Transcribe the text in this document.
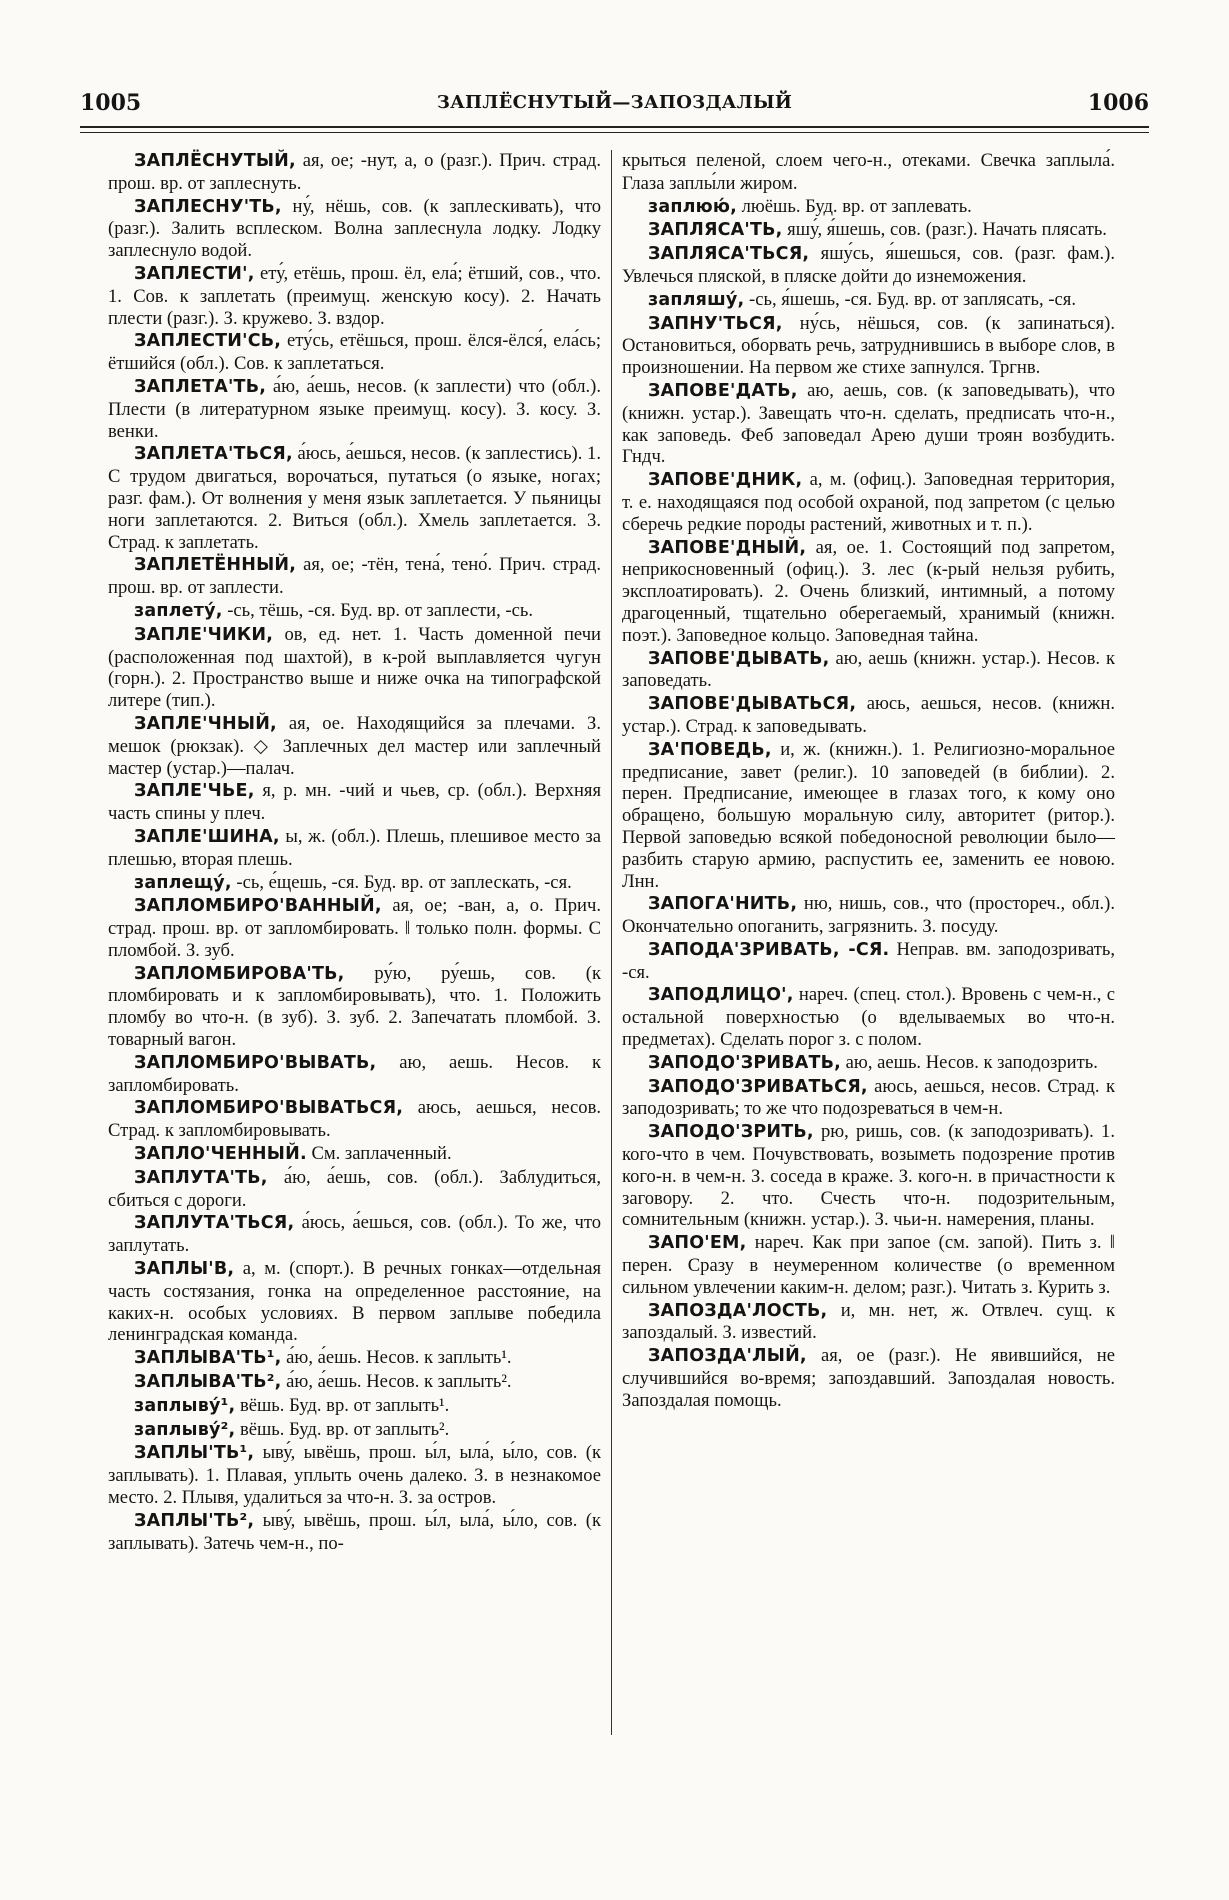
1005	ЗАПЛЁСНУТЫЙ—ЗАПОЗДАЛЫЙ	1006

ЗАПЛЁСНУТЫЙ, ая, ое; -нут, а, о (разг.). Прич. страд. прош. вр. от заплеснуть.

ЗАПЛЕСНУ'ТЬ, ну́, нёшь, сов. (к заплескивать), что (разг.). Залить всплеском. Волна заплеснула лодку. Лодку заплеснуло водой.

ЗАПЛЕСТИ', ету́, етёшь, прош. ёл, ела́; ётший, сов., что. 1. Сов. к заплетать (преимущ. женскую косу). 2. Начать плести (разг.). З. кружево. З. вздор.

ЗАПЛЕСТИ'СЬ, ету́сь, етёшься, прош. ёлся-ёлся́, ела́сь; ётшийся (обл.). Сов. к заплетаться.

ЗАПЛЕТА'ТЬ, а́ю, а́ешь, несов. (к заплести) что (обл.). Плести (в литературном языке преимущ. косу). З. косу. З. венки.

ЗАПЛЕТА'ТЬСЯ, а́юсь, а́ешься, несов. (к заплестись). 1. С трудом двигаться, ворочаться, путаться (о языке, ногах; разг. фам.). От волнения у меня язык заплетается. У пьяницы ноги заплетаются. 2. Виться (обл.). Хмель заплетается. 3. Страд. к заплетать.

ЗАПЛЕТЁННЫЙ, ая, ое; -тён, тена́, тено́. Прич. страд. прош. вр. от заплести.

заплету́, -сь, тёшь, -ся. Буд. вр. от заплести, -сь.

ЗАПЛЕ'ЧИКИ, ов, ед. нет. 1. Часть доменной печи (расположенная под шахтой), в к-рой выплавляется чугун (горн.). 2. Пространство выше и ниже очка на типографской литере (тип.).

ЗАПЛЕ'ЧНЫЙ, ая, ое. Находящийся за плечами. З. мешок (рюкзак). ◇ Заплечных дел мастер или заплечный мастер (устар.)—палач.

ЗАПЛЕ'ЧЬЕ, я, р. мн. -чий и чьев, ср. (обл.). Верхняя часть спины у плеч.

ЗАПЛЕ'ШИНА, ы, ж. (обл.). Плешь, плешивое место за плешью, вторая плешь.

заплещу́, -сь, е́щешь, -ся. Буд. вр. от заплескать, -ся.

ЗАПЛОМБИРО'ВАННЫЙ, ая, ое; -ван, а, о. Прич. страд. прош. вр. от запломбировать. ‖ только полн. формы. С пломбой. З. зуб.

ЗАПЛОМБИРОВА'ТЬ, ру́ю, ру́ешь, сов. (к пломбировать и к запломбировывать), что. 1. Положить пломбу во что-н. (в зуб). З. зуб. 2. Запечатать пломбой. З. товарный вагон.

ЗАПЛОМБИРО'ВЫВАТЬ, аю, аешь. Несов. к запломбировать.

ЗАПЛОМБИРО'ВЫВАТЬСЯ, аюсь, аешься, несов. Страд. к запломбировывать.

ЗАПЛО'ЧЕННЫЙ. См. заплаченный.

ЗАПЛУТА'ТЬ, а́ю, а́ешь, сов. (обл.). Заблудиться, сбиться с дороги.

ЗАПЛУТА'ТЬСЯ, а́юсь, а́ешься, сов. (обл.). То же, что заплутать.

ЗАПЛЫ'В, а, м. (спорт.). В речных гонках—отдельная часть состязания, гонка на определенное расстояние, на каких-н. особых условиях. В первом заплыве победила ленинградская команда.

ЗАПЛЫВА'ТЬ¹, а́ю, а́ешь. Несов. к заплыть¹.

ЗАПЛЫВА'ТЬ², а́ю, а́ешь. Несов. к заплыть².

заплыву́¹, вёшь. Буд. вр. от заплыть¹.

заплыву́², вёшь. Буд. вр. от заплыть².

ЗАПЛЫ'ТЬ¹, ыву́, ывёшь, прош. ы́л, ыла́, ы́ло, сов. (к заплывать). 1. Плавая, уплыть очень далеко. З. в незнакомое место. 2. Плывя, удалиться за что-н. З. за остров.

ЗАПЛЫ'ТЬ², ыву́, ывёшь, прош. ы́л, ыла́, ы́ло, сов. (к заплывать). Затечь чем-н., по-

крыться пеленой, слоем чего-н., отеками. Свечка заплыла́. Глаза заплы́ли жиром.

заплюю́, люёшь. Буд. вр. от заплевать.

ЗАПЛЯСА'ТЬ, яшу́, я́шешь, сов. (разг.). Начать плясать.

ЗАПЛЯСА'ТЬСЯ, яшу́сь, я́шешься, сов. (разг. фам.). Увлечься пляской, в пляске дойти до изнеможения.

запляшу́, -сь, я́шешь, -ся. Буд. вр. от заплясать, -ся.

ЗАПНУ'ТЬСЯ, ну́сь, нёшься, сов. (к запинаться). Остановиться, оборвать речь, затруднившись в выборе слов, в произношении. На первом же стихе запнулся. Тргнв.

ЗАПОВЕ'ДАТЬ, аю, аешь, сов. (к заповедывать), что (книжн. устар.). Завещать что-н. сделать, предписать что-н., как заповедь. Феб заповедал Арею души троян возбудить. Гндч.

ЗАПОВЕ'ДНИК, а, м. (офиц.). Заповедная территория, т. е. находящаяся под особой охраной, под запретом (с целью сберечь редкие породы растений, животных и т. п.).

ЗАПОВЕ'ДНЫЙ, ая, ое. 1. Состоящий под запретом, неприкосновенный (офиц.). З. лес (к-рый нельзя рубить, эксплоатировать). 2. Очень близкий, интимный, а потому драгоценный, тщательно оберегаемый, хранимый (книжн. поэт.). Заповедное кольцо. Заповедная тайна.

ЗАПОВЕ'ДЫВАТЬ, аю, аешь (книжн. устар.). Несов. к заповедать.

ЗАПОВЕ'ДЫВАТЬСЯ, аюсь, аешься, несов. (книжн. устар.). Страд. к заповедывать.

ЗА'ПОВЕДЬ, и, ж. (книжн.). 1. Религиозно-моральное предписание, завет (религ.). 10 заповедей (в библии). 2. перен. Предписание, имеющее в глазах того, к кому оно обращено, большую моральную силу, авторитет (ритор.). Первой заповедью всякой победоносной революции было—разбить старую армию, распустить ее, заменить ее новою. Лнн.

ЗАПОГА'НИТЬ, ню, нишь, сов., что (простореч., обл.). Окончательно опоганить, загрязнить. З. посуду.

ЗАПОДА'ЗРИВАТЬ, -СЯ. Неправ. вм. заподозривать, -ся.

ЗАПОДЛИЦО', нареч. (спец. стол.). Вровень с чем-н., с остальной поверхностью (о вделываемых во что-н. предметах). Сделать порог з. с полом.

ЗАПОДО'ЗРИВАТЬ, аю, аешь. Несов. к заподозрить.

ЗАПОДО'ЗРИВАТЬСЯ, аюсь, аешься, несов. Страд. к заподозривать; то же что подозреваться в чем-н.

ЗАПОДО'ЗРИТЬ, рю, ришь, сов. (к заподозривать). 1. кого-что в чем. Почувствовать, возыметь подозрение против кого-н. в чем-н. З. соседа в краже. З. кого-н. в причастности к заговору. 2. что. Счесть что-н. подозрительным, сомнительным (книжн. устар.). З. чьи-н. намерения, планы.

ЗАПО'ЕМ, нареч. Как при запое (см. запой). Пить з. ‖ перен. Сразу в неумеренном количестве (о временном сильном увлечении каким-н. делом; разг.). Читать з. Курить з.

ЗАПОЗДА'ЛОСТЬ, и, мн. нет, ж. Отвлеч. сущ. к запоздалый. З. известий.

ЗАПОЗДА'ЛЫЙ, ая, ое (разг.). Не явившийся, не случившийся во-время; запоздавший. Запоздалая новость. Запоздалая помощь.
